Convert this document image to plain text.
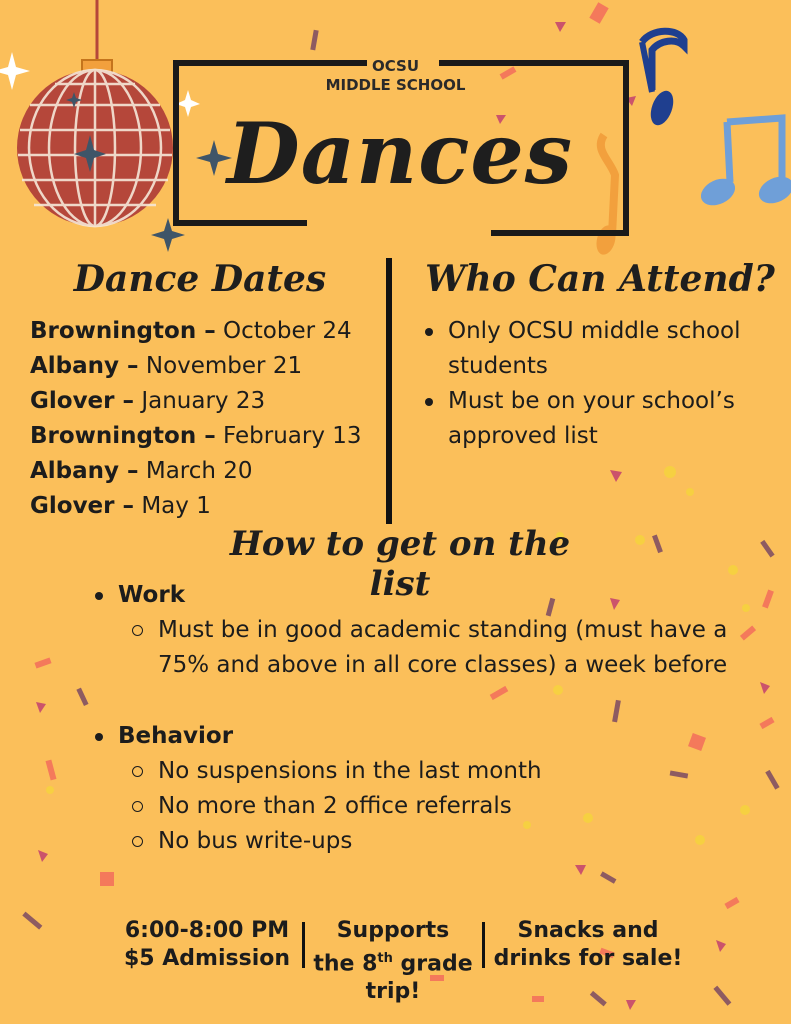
OCSU
MIDDLE SCHOOL
Dances
Dance Dates
Brownington – October 24
Albany – November 21
Glover – January 23
Brownington – February 13
Albany – March 20
Glover – May 1
Who Can Attend?
Only OCSU middle school students
Must be on your school’s approved list
How to get on the list
Work
Must be in good academic standing (must have a 75% and above in all core classes) a week before
Behavior
No suspensions in the last month
No more than 2 office referrals
No bus write-ups
6:00-8:00 PM
$5 Admission
Supports
the 8th grade
trip!
Snacks and
drinks for sale!
